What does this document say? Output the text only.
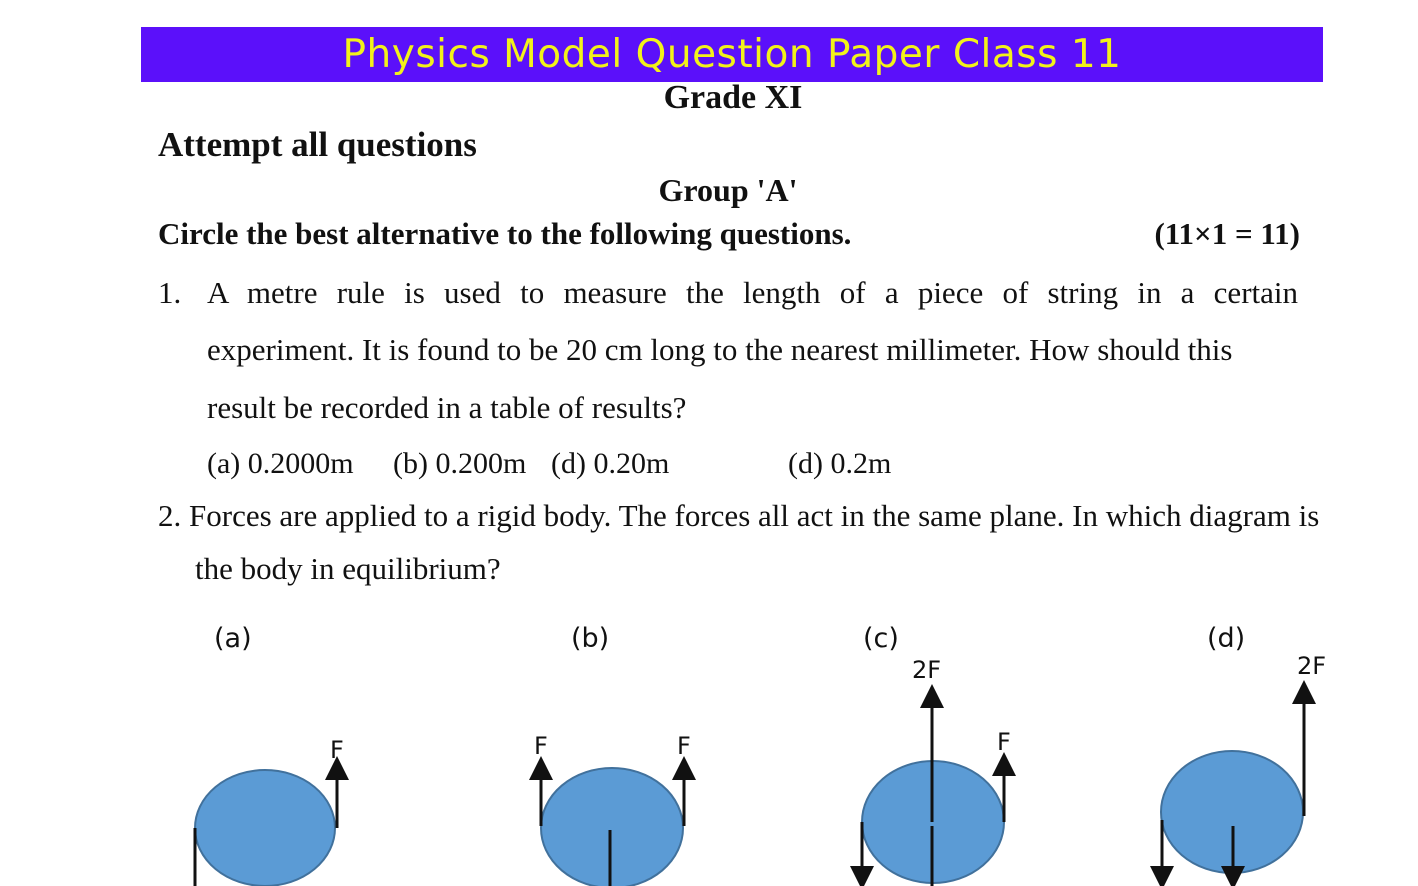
Physics Model Question Paper Class 11
Grade XI
Attempt all questions
Group 'A'
Circle the best alternative to the following questions.	(11×1 = 11)
1. A metre rule is used to measure the length of a piece of string in a certain
experiment. It is found to be 20 cm long to the nearest millimeter. How should this
result be recorded in a table of results?
(a) 0.2000m (b) 0.200m (d) 0.20m	(d) 0.2m
2. Forces are applied to a rigid body. The forces all act in the same plane. In which diagram is
the body in equilibrium?
(a)
F
(b)
F	F
(c)
2F
F
(d)
2F
